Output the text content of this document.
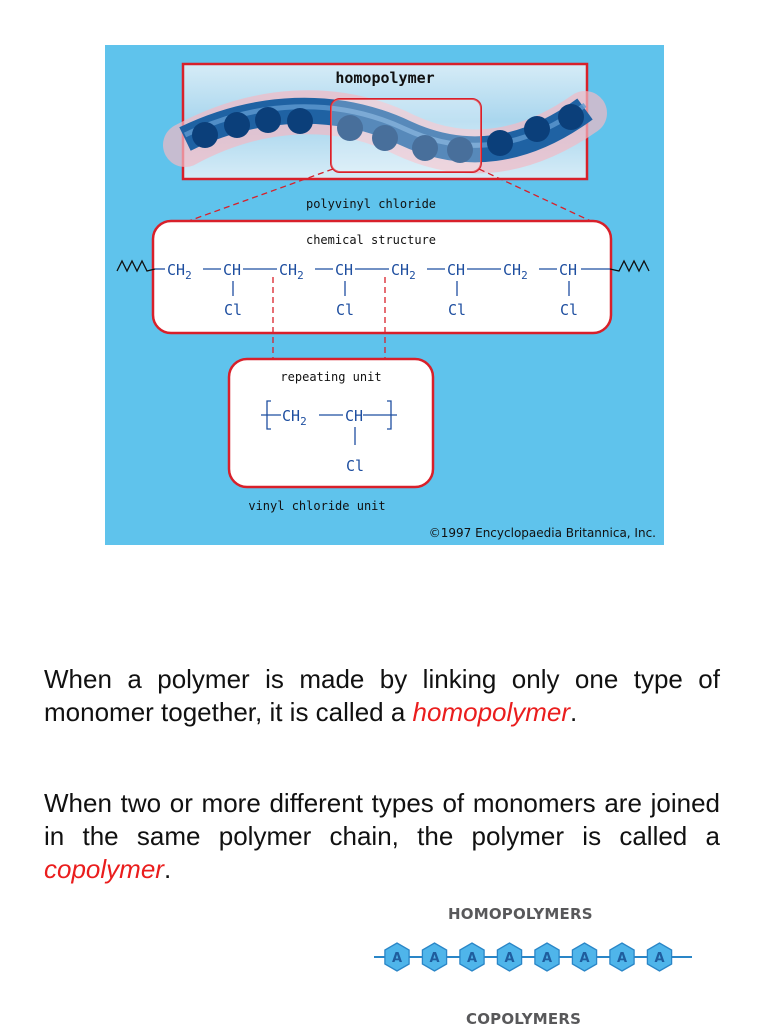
homopolymer
polyvinyl chloride
chemical structure
$CH_2$ CH
Cl
$CH_2$ CH
Cl
$CH_2$ CH
Cl
$CH_2$ CH
Cl
repeating unit
$CH_2$	CH
Cl
vinyl chloride unit
©1997 Encyclopaedia Britannica, Inc.

When a polymer is made by linking only one type of monomer together, it is called a homopolymer.

When two or more different types of monomers are joined in the same polymer chain, the polymer is called a copolymer.

HOMOPOLYMERS
A A A A A A A A
COPOLYMERS
